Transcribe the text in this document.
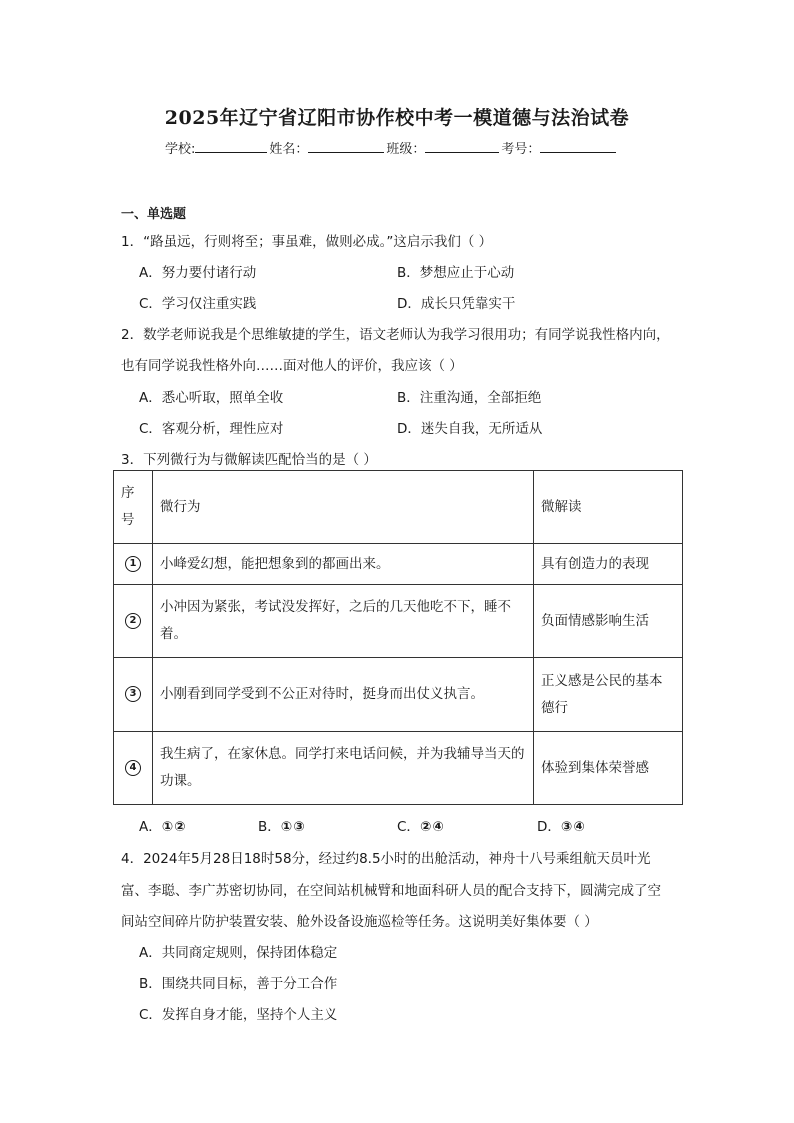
2025年辽宁省辽阳市协作校中考一模道德与法治试卷
学校:	姓名：	班级：	考号：
一、单选题
1．“路虽远，行则将至；事虽难，做则必成。”这启示我们（ ）
A．努力要付诸行动	B．梦想应止于心动
C．学习仅注重实践	D．成长只凭靠实干
2．数学老师说我是个思维敏捷的学生，语文老师认为我学习很用功；有同学说我性格内向，
也有同学说我性格外向……面对他人的评价，我应该（ ）
A．悉心听取，照单全收	B．注重沟通，全部拒绝
C．客观分析，理性应对	D．迷失自我，无所适从
3．下列微行为与微解读匹配恰当的是（ ）
序号	微行为	微解读
1	小峰爱幻想，能把想象到的都画出来。	具有创造力的表现
2	小冲因为紧张，考试没发挥好，之后的几天他吃不下，睡不着。	负面情感影响生活
3	小刚看到同学受到不公正对待时，挺身而出仗义执言。	正义感是公民的基本德行
4	我生病了，在家休息。同学打来电话问候，并为我辅导当天的功课。	体验到集体荣誉感
A．①②	B．①③	C．②④	D．③④
4．2024年5月28日18时58分，经过约8.5小时的出舱活动，神舟十八号乘组航天员叶光
富、李聪、李广苏密切协同，在空间站机械臂和地面科研人员的配合支持下，圆满完成了空
间站空间碎片防护装置安装、舱外设备设施巡检等任务。这说明美好集体要（ ）
A．共同商定规则，保持团体稳定
B．围绕共同目标，善于分工合作
C．发挥自身才能，坚持个人主义
